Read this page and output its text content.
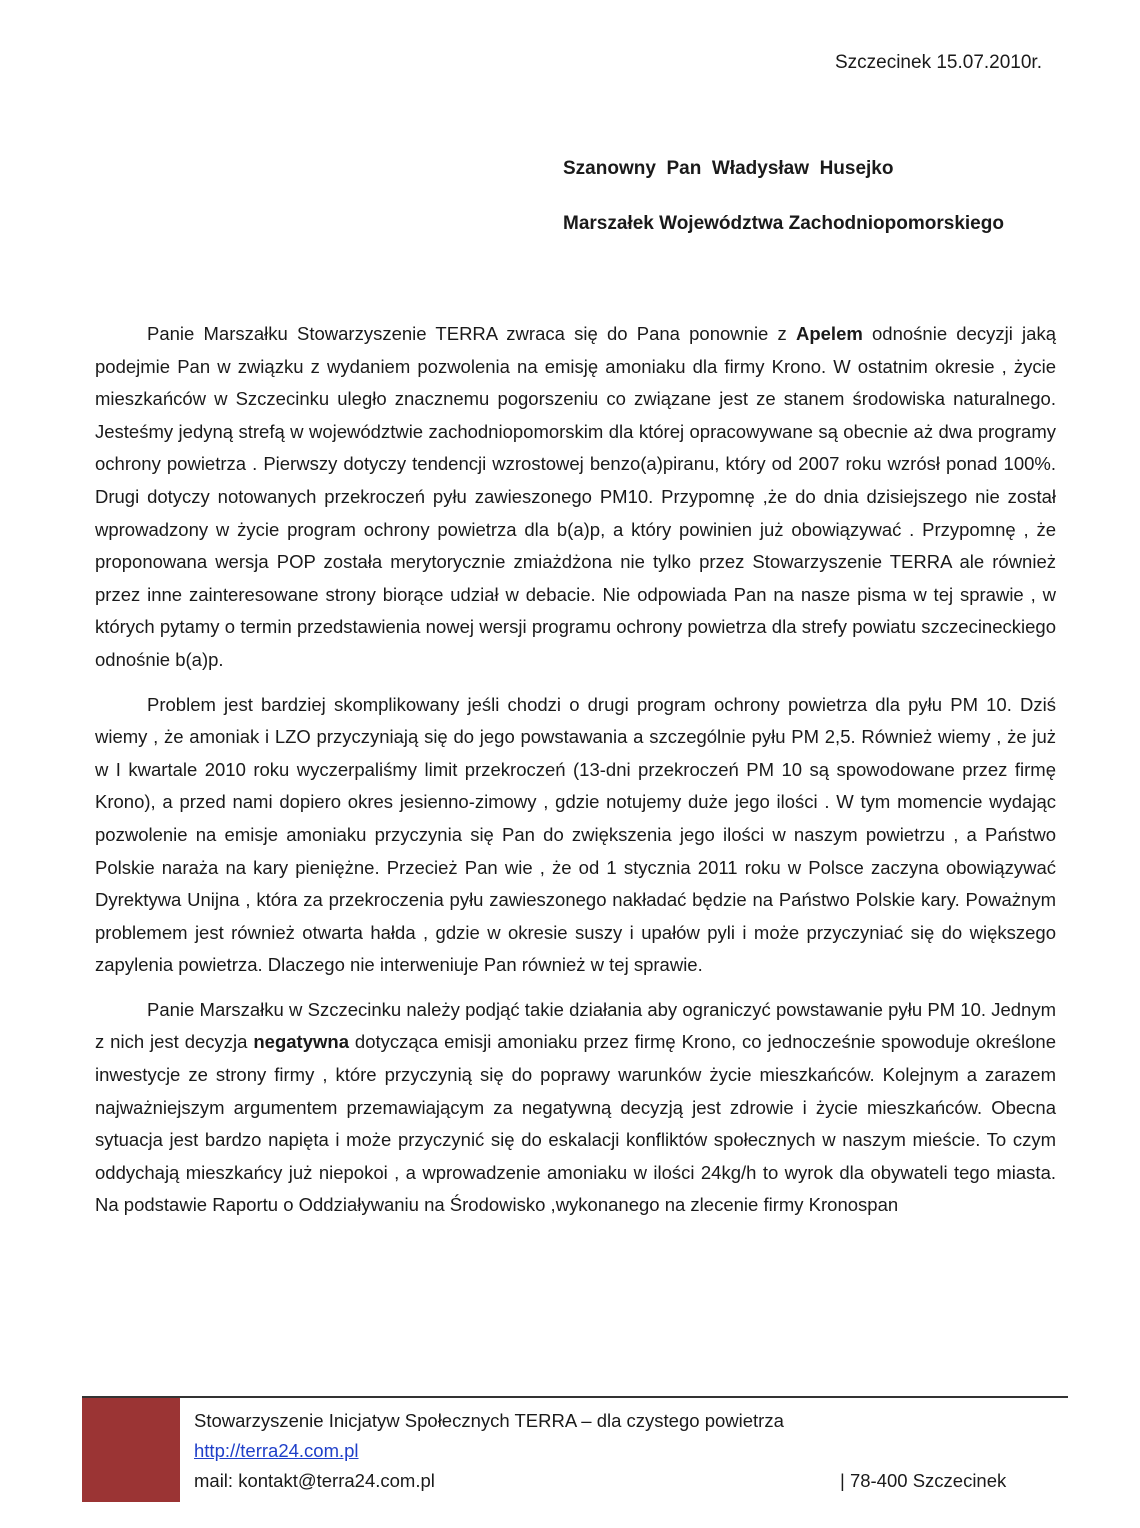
Szczecinek 15.07.2010r.
Szanowny  Pan  Władysław  Husejko
Marszałek Województwa Zachodniopomorskiego

Panie Marszałku Stowarzyszenie TERRA zwraca się do Pana ponownie z Apelem odnośnie decyzji jaką podejmie Pan w związku z wydaniem pozwolenia na emisję amoniaku dla firmy Krono. W ostatnim okresie , życie mieszkańców w Szczecinku uległo znacznemu pogorszeniu co związane jest ze stanem środowiska naturalnego. Jesteśmy jedyną strefą w województwie zachodniopomorskim dla której opracowywane są obecnie aż dwa programy ochrony powietrza . Pierwszy dotyczy tendencji wzrostowej benzo(a)piranu, który od 2007 roku wzrósł ponad 100%. Drugi dotyczy notowanych przekroczeń pyłu zawieszonego PM10. Przypomnę ,że do dnia dzisiejszego nie został wprowadzony w życie program ochrony powietrza dla b(a)p, a który powinien już obowiązywać . Przypomnę , że proponowana wersja POP została merytorycznie zmiażdżona nie tylko przez Stowarzyszenie TERRA ale również przez inne zainteresowane strony biorące udział w debacie. Nie odpowiada Pan na nasze pisma w tej sprawie , w których pytamy o termin przedstawienia nowej wersji programu ochrony powietrza dla strefy powiatu szczecineckiego odnośnie b(a)p.

Problem jest bardziej skomplikowany jeśli chodzi o drugi program ochrony powietrza dla pyłu PM 10. Dziś wiemy , że amoniak i LZO przyczyniają się do jego powstawania a szczególnie pyłu PM 2,5. Również wiemy , że już w I kwartale 2010 roku wyczerpaliśmy limit przekroczeń (13-dni przekroczeń PM 10 są spowodowane przez firmę Krono), a przed nami dopiero okres jesienno-zimowy , gdzie notujemy duże jego ilości . W tym momencie wydając pozwolenie na emisje amoniaku przyczynia się Pan do zwiększenia jego ilości w naszym powietrzu , a Państwo Polskie naraża na kary pieniężne. Przecież Pan wie , że od 1 stycznia 2011 roku w Polsce zaczyna obowiązywać Dyrektywa Unijna , która za przekroczenia pyłu zawieszonego nakładać będzie na Państwo Polskie kary. Poważnym problemem jest również otwarta hałda , gdzie w okresie suszy i upałów pyli i może przyczyniać się do większego zapylenia powietrza. Dlaczego nie interweniuje Pan również w tej sprawie.

Panie Marszałku w Szczecinku należy podjąć takie działania aby ograniczyć powstawanie pyłu PM 10. Jednym z nich jest decyzja negatywna dotycząca emisji amoniaku przez firmę Krono, co jednocześnie spowoduje określone inwestycje ze strony firmy , które przyczynią się do poprawy warunków życie mieszkańców. Kolejnym a zarazem najważniejszym argumentem przemawiającym za negatywną decyzją jest zdrowie i życie mieszkańców. Obecna sytuacja jest bardzo napięta i może przyczynić się do eskalacji konfliktów społecznych w naszym mieście. To czym oddychają mieszkańcy już niepokoi , a wprowadzenie amoniaku w ilości 24kg/h to wyrok dla obywateli tego miasta. Na podstawie Raportu o Oddziaływaniu na Środowisko ,wykonanego na zlecenie firmy Kronospan

Stowarzyszenie Inicjatyw Społecznych TERRA – dla czystego powietrza
http://terra24.com.pl
mail: kontakt@terra24.com.pl	| 78-400 Szczecinek
